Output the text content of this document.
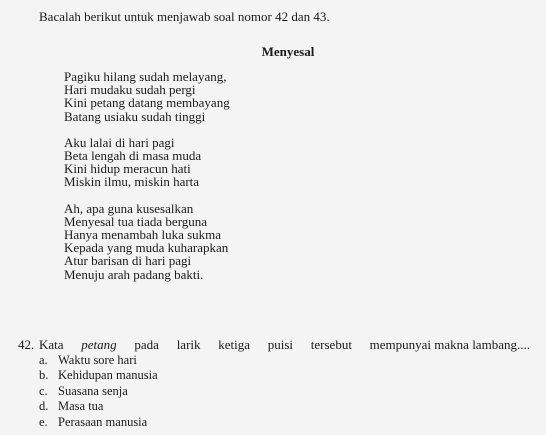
Bacalah berikut untuk menjawab soal nomor 42 dan 43.
Menyesal
Pagiku hilang sudah melayang,
Hari mudaku sudah pergi
Kini petang datang membayang
Batang usiaku sudah tinggi
Aku lalai di hari pagi
Beta lengah di masa muda
Kini hidup meracun hati
Miskin ilmu, miskin harta
Ah, apa guna kusesalkan
Menyesal tua tiada berguna
Hanya menambah luka sukma
Kepada yang muda kuharapkan
Atur barisan di hari pagi
Menuju arah padang bakti.
42. Kata petang pada larik ketiga puisi tersebut mempunyai makna lambang....
a. Waktu sore hari
b. Kehidupan manusia
c. Suasana senja
d. Masa tua
e. Perasaan manusia
